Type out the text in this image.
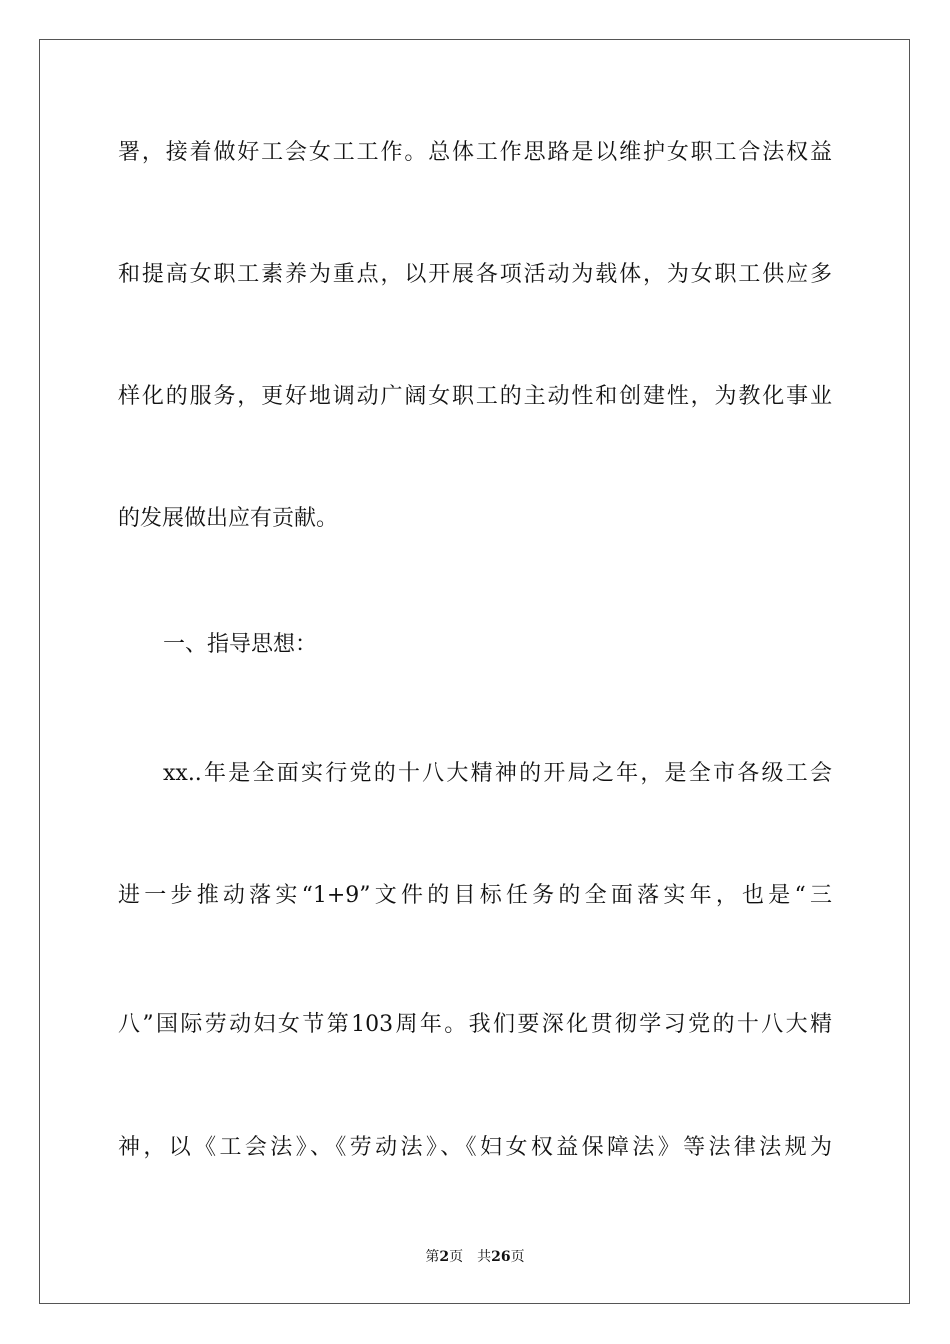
署，接着做好工会女工工作。总体工作思路是以维护女职工合法权益
和提高女职工素养为重点，以开展各项活动为载体，为女职工供应多
样化的服务，更好地调动广阔女职工的主动性和创建性，为教化事业
的发展做出应有贡献。
一、指导思想：
xx..年是全面实行党的十八大精神的开局之年，是全市各级工会
进一步推动落实“1+9”文件的目标任务的全面落实年，也是“三
八”国际劳动妇女节第103周年。我们要深化贯彻学习党的十八大精
神，以《工会法》、《劳动法》、《妇女权益保障法》等法律法规为
第2页 共26页
